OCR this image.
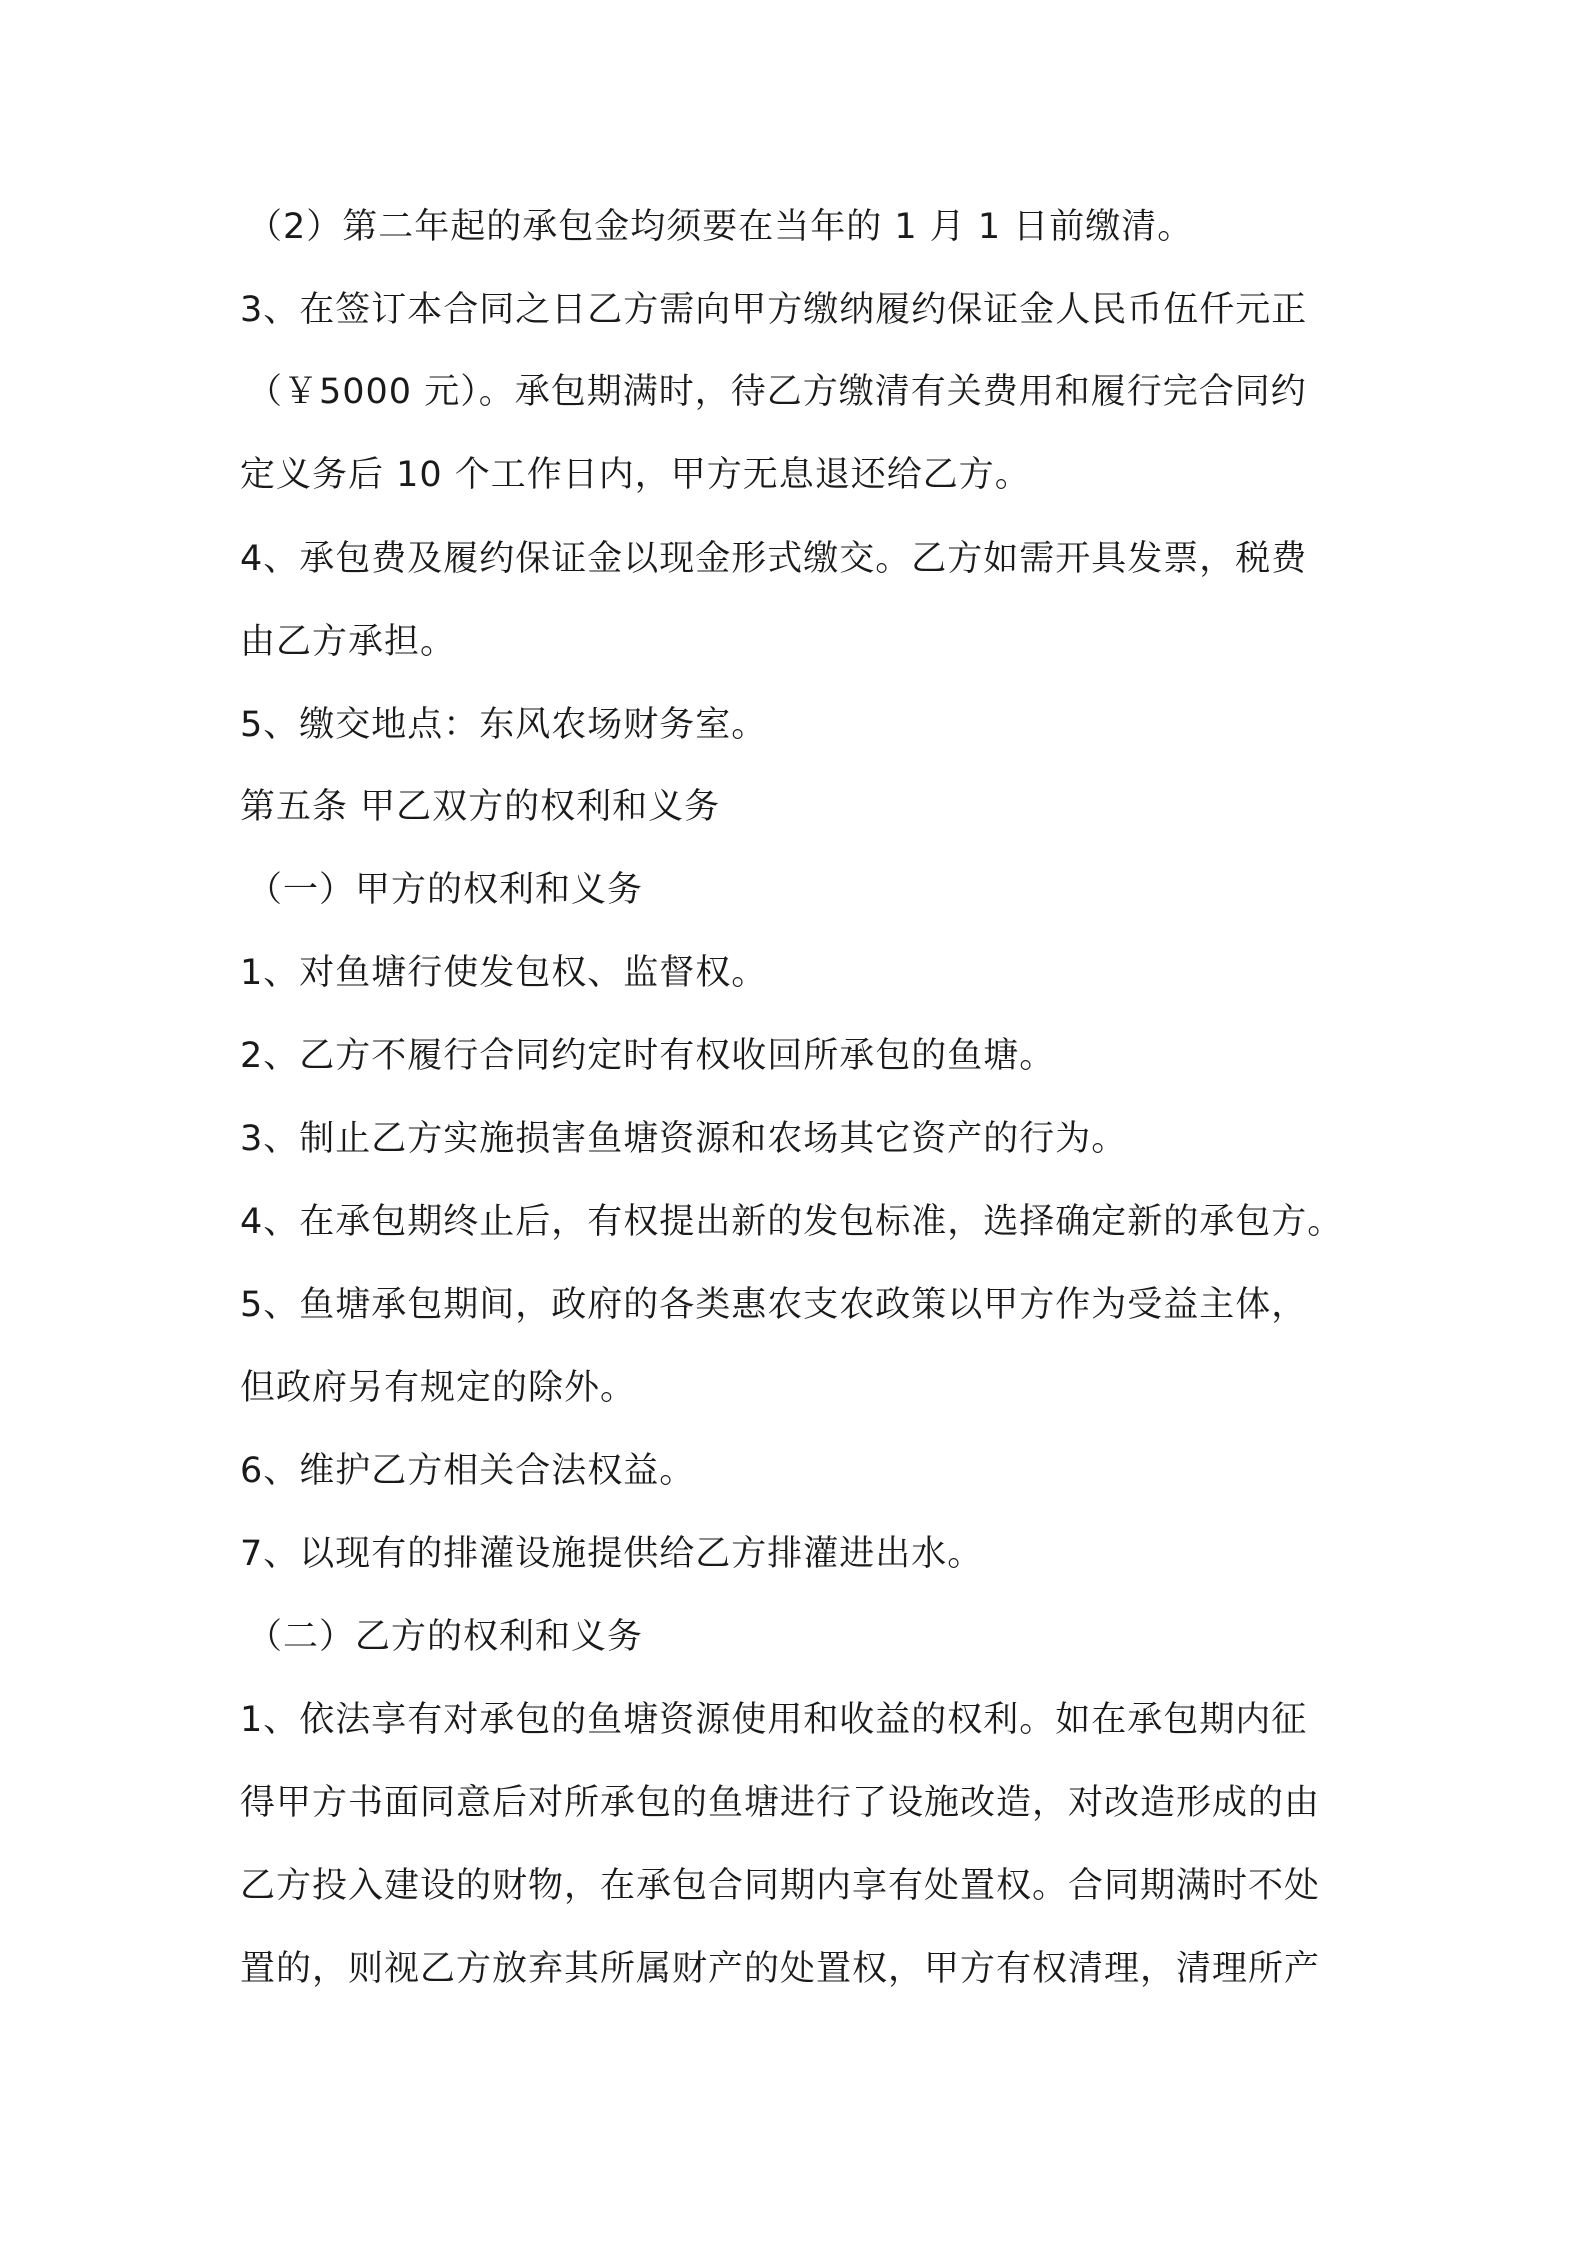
（2）第二年起的承包金均须要在当年的 1 月 1 日前缴清。
3、在签订本合同之日乙方需向甲方缴纳履约保证金人民币伍仟元正
（￥5000 元）。承包期满时，待乙方缴清有关费用和履行完合同约
定义务后 10 个工作日内，甲方无息退还给乙方。
4、承包费及履约保证金以现金形式缴交。乙方如需开具发票，税费
由乙方承担。
5、缴交地点：东风农场财务室。
第五条 甲乙双方的权利和义务
（一）甲方的权利和义务
1、对鱼塘行使发包权、监督权。
2、乙方不履行合同约定时有权收回所承包的鱼塘。
3、制止乙方实施损害鱼塘资源和农场其它资产的行为。
4、在承包期终止后，有权提出新的发包标准，选择确定新的承包方。
5、鱼塘承包期间，政府的各类惠农支农政策以甲方作为受益主体，
但政府另有规定的除外。
6、维护乙方相关合法权益。
7、以现有的排灌设施提供给乙方排灌进出水。
（二）乙方的权利和义务
1、依法享有对承包的鱼塘资源使用和收益的权利。如在承包期内征
得甲方书面同意后对所承包的鱼塘进行了设施改造，对改造形成的由
乙方投入建设的财物，在承包合同期内享有处置权。合同期满时不处
置的，则视乙方放弃其所属财产的处置权，甲方有权清理，清理所产
